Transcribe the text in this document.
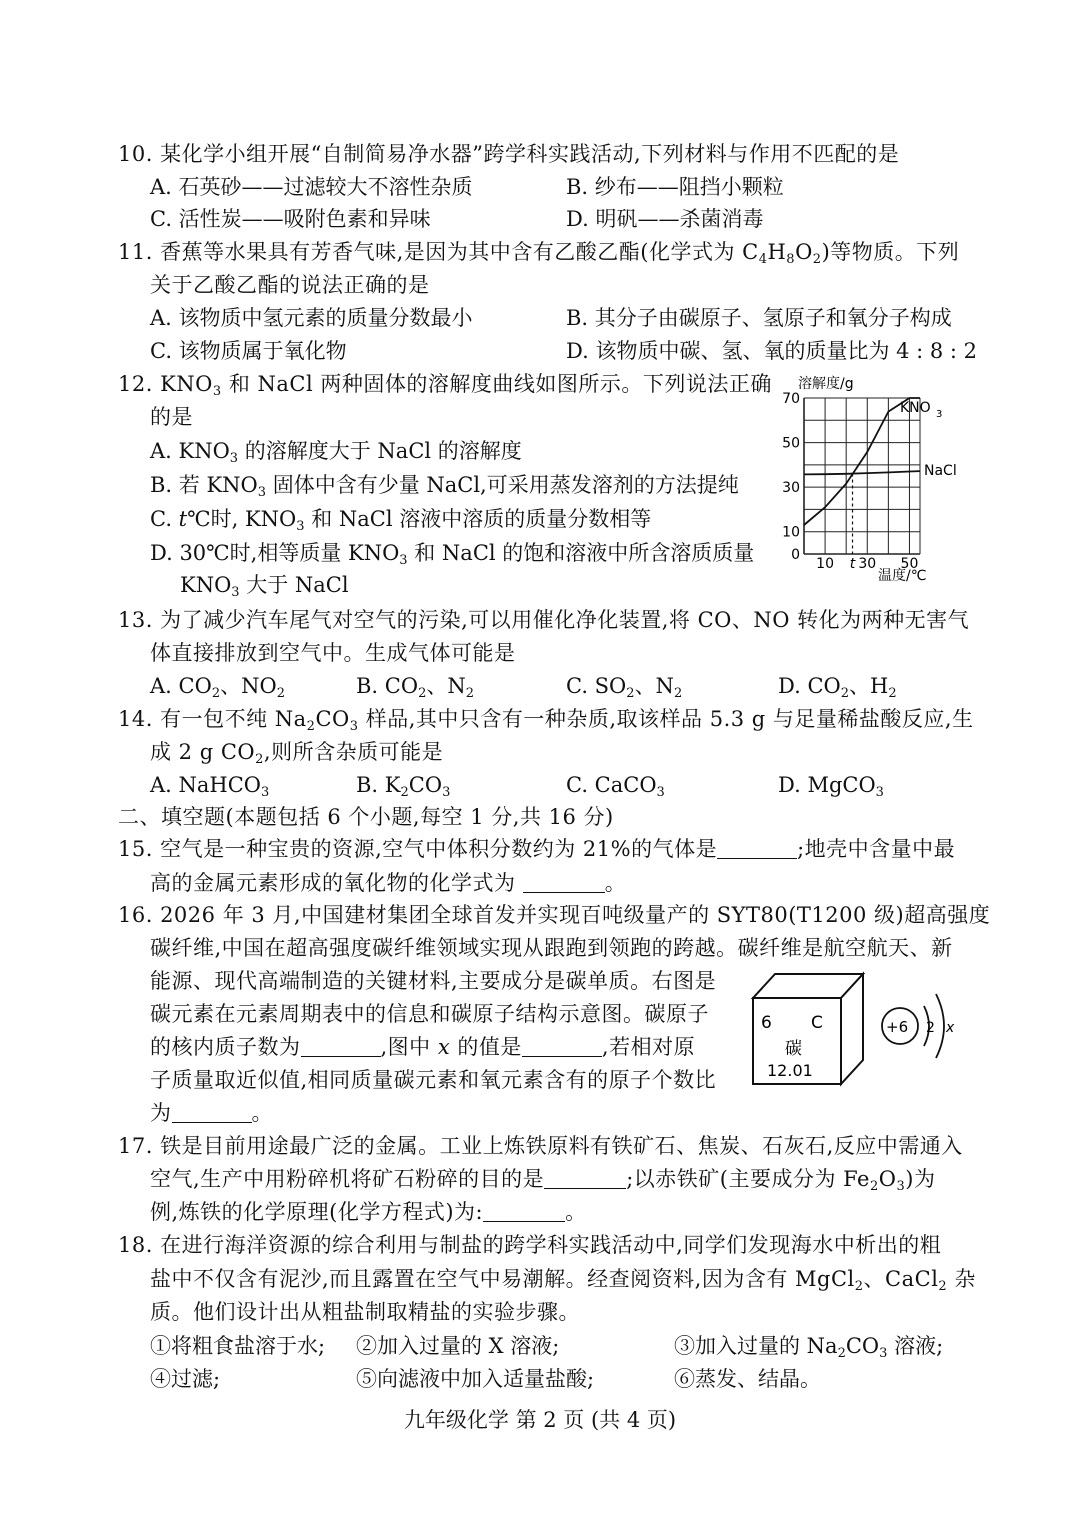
10. 某化学小组开展“自制简易净水器”跨学科实践活动,下列材料与作用不匹配的是
A. 石英砂——过滤较大不溶性杂质	B. 纱布——阻挡小颗粒
C. 活性炭——吸附色素和异味	D. 明矾——杀菌消毒
11. 香蕉等水果具有芳香气味,是因为其中含有乙酸乙酯(化学式为 $C_4H_8O_2$)等物质。下列
关于乙酸乙酯的说法正确的是
A. 该物质中氢元素的质量分数最小	B. 其分子由碳原子、氢原子和氧分子构成
C. 该物质属于氧化物	D. 该物质中碳、氢、氧的质量比为 4 : 8 : 2
12. $KNO_3$ 和 NaCl 两种固体的溶解度曲线如图所示。下列说法正确
的是
A. $KNO_3$ 的溶解度大于 NaCl 的溶解度
B. 若 $KNO_3$ 固体中含有少量 NaCl,可采用蒸发溶剂的方法提纯
C. t℃时, $KNO_3$ 和 NaCl 溶液中溶质的质量分数相等
D. 30℃时,相等质量 $KNO_3$ 和 NaCl 的饱和溶液中所含溶质质量
$KNO_3$ 大于 NaCl
溶解度/g
0
10
30
50
70
10 t 30 50
温度/℃
KNO 3
NaCl
13. 为了减少汽车尾气对空气的污染,可以用催化净化装置,将 CO、NO 转化为两种无害气
体直接排放到空气中。生成气体可能是
A. $CO_2$、$NO_2$	B. $CO_2$、$N_2$	C. $SO_2$、$N_2$	D. $CO_2$、$H_2$
14. 有一包不纯 $Na_2CO_3$ 样品,其中只含有一种杂质,取该样品 5.3 g 与足量稀盐酸反应,生
成 2 g $CO_2$,则所含杂质可能是
A. NaHCO$_3$	B. $K_2CO_3$	C. CaCO$_3$	D. MgCO$_3$
二、填空题(本题包括 6 个小题,每空 1 分,共 16 分)
15. 空气是一种宝贵的资源,空气中体积分数约为 21%的气体是	;地壳中含量中最
高的金属元素形成的氧化物的化学式为	。
16. 2026 年 3 月,中国建材集团全球首发并实现百吨级量产的 SYT80(T1200 级)超高强度
碳纤维,中国在超高强度碳纤维领域实现从跟跑到领跑的跨越。碳纤维是航空航天、新
能源、现代高端制造的关键材料,主要成分是碳单质。右图是
碳元素在元素周期表中的信息和碳原子结构示意图。碳原子
的核内质子数为	,图中 x 的值是	,若相对原
子质量取近似值,相同质量碳元素和氧元素含有的原子个数比
为	。
6 C
碳
12.01
+6 2 x
17. 铁是目前用途最广泛的金属。工业上炼铁原料有铁矿石、焦炭、石灰石,反应中需通入
空气,生产中用粉碎机将矿石粉碎的目的是	;以赤铁矿(主要成分为 $Fe_2O_3$)为
例,炼铁的化学原理(化学方程式)为:	。
18. 在进行海洋资源的综合利用与制盐的跨学科实践活动中,同学们发现海水中析出的粗
盐中不仅含有泥沙,而且露置在空气中易潮解。经查阅资料,因为含有 MgCl$_2$、CaCl$_2$ 杂
质。他们设计出从粗盐制取精盐的实验步骤。
①将粗食盐溶于水; ②加入过量的 X 溶液;	③加入过量的 $Na_2CO_3$ 溶液;
④过滤;	⑤向滤液中加入适量盐酸;	⑥蒸发、结晶。
九年级化学 第 2 页 (共 4 页)
